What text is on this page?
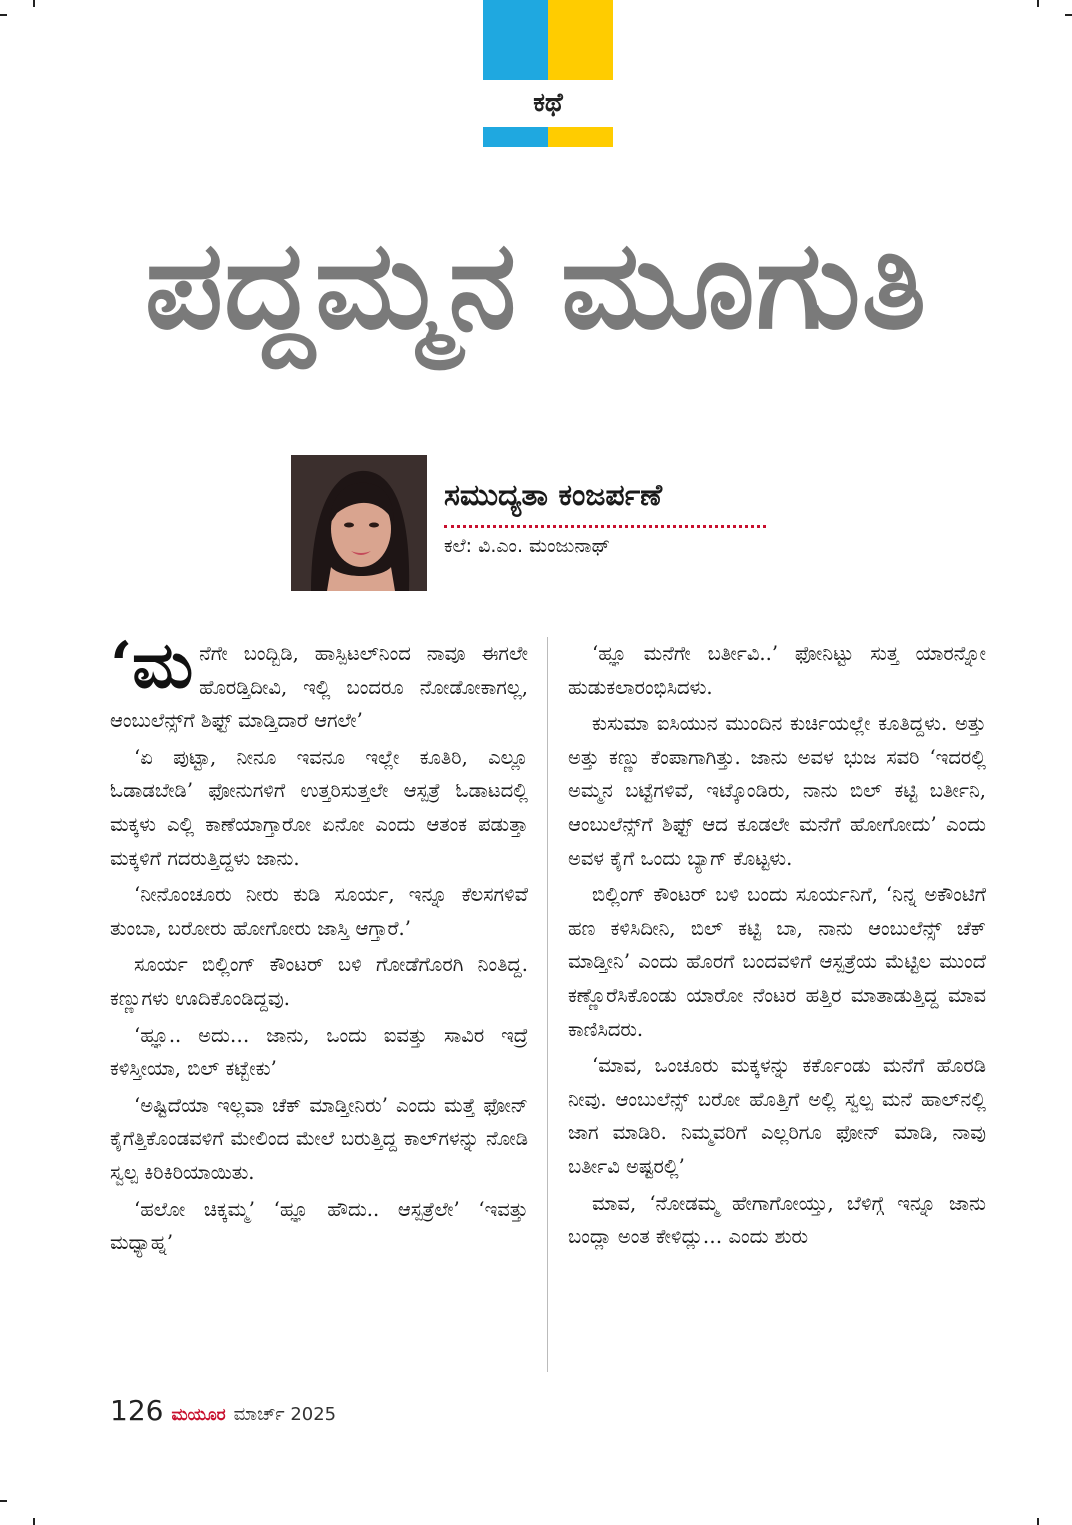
ಕಥೆ
ಪದ್ದಮ್ಮನ ಮೂಗುತಿ
ಸಮುದ್ಯತಾ ಕಂಜರ್ಪಣೆ
ಕಲೆ: ವಿ.ಎಂ. ಮಂಜುನಾಥ್

‘ಮನೆಗೇ ಬಂದ್ಬಿಡಿ, ಹಾಸ್ಪಿಟಲ್‌ನಿಂದ ನಾವೂ ಈಗಲೇ ಹೊರಡ್ತಿದೀವಿ, ಇಲ್ಲಿ ಬಂದರೂ ನೋಡೋಕಾಗಲ್ಲ, ಆಂಬುಲೆನ್ಸ್‌ಗೆ ಶಿಫ್ಟ್ ಮಾಡ್ತಿದಾರೆ ಆಗಲೇ’

‘ಏ ಪುಟ್ಟಾ, ನೀನೂ ಇವನೂ ಇಲ್ಲೇ ಕೂತಿರಿ, ಎಲ್ಲೂ ಓಡಾಡಬೇಡಿ’ ಫೋನುಗಳಿಗೆ ಉತ್ತರಿಸುತ್ತಲೇ ಆಸ್ಪತ್ರೆ ಓಡಾಟದಲ್ಲಿ ಮಕ್ಕಳು ಎಲ್ಲಿ ಕಾಣೆಯಾಗ್ತಾರೋ ಏನೋ ಎಂದು ಆತಂಕ ಪಡುತ್ತಾ ಮಕ್ಕಳಿಗೆ ಗದರುತ್ತಿದ್ದಳು ಜಾನು.

‘ನೀನೊಂಚೂರು ನೀರು ಕುಡಿ ಸೂರ್ಯ, ಇನ್ನೂ ಕೆಲಸಗಳಿವೆ ತುಂಬಾ, ಬರೋರು ಹೋಗೋರು ಜಾಸ್ತಿ ಆಗ್ತಾರೆ.’

ಸೂರ್ಯ ಬಿಲ್ಲಿಂಗ್ ಕೌಂಟರ್ ಬಳಿ ಗೋಡೆಗೊರಗಿ ನಿಂತಿದ್ದ. ಕಣ್ಣುಗಳು ಊದಿಕೊಂಡಿದ್ದವು.

‘ಹ್ಞೂ.. ಅದು… ಜಾನು, ಒಂದು ಐವತ್ತು ಸಾವಿರ ಇದ್ರೆ ಕಳಿಸ್ತೀಯಾ, ಬಿಲ್ ಕಟ್ಬೇಕು’

‘ಅಷ್ಟಿದೆಯಾ ಇಲ್ಲವಾ ಚೆಕ್ ಮಾಡ್ತೀನಿರು’ ಎಂದು ಮತ್ತೆ ಫೋನ್ ಕೈಗೆತ್ತಿಕೊಂಡವಳಿಗೆ ಮೇಲಿಂದ ಮೇಲೆ ಬರುತ್ತಿದ್ದ ಕಾಲ್‌ಗಳನ್ನು ನೋಡಿ ಸ್ವಲ್ಪ ಕಿರಿಕಿರಿಯಾಯಿತು.

‘ಹಲೋ ಚಿಕ್ಕಮ್ಮ’ ‘ಹ್ಞೂ ಹೌದು.. ಆಸ್ಪತ್ರೆಲೇ’ ‘ಇವತ್ತು ಮಧ್ಯಾಹ್ನ’

‘ಹ್ಞೂ ಮನೆಗೇ ಬರ್ತೀವಿ..’ ಫೋನಿಟ್ಟು ಸುತ್ತ ಯಾರನ್ನೋ ಹುಡುಕಲಾರಂಭಿಸಿದಳು.

ಕುಸುಮಾ ಐಸಿಯುನ ಮುಂದಿನ ಕುರ್ಚಿಯಲ್ಲೇ ಕೂತಿದ್ದಳು. ಅತ್ತು ಅತ್ತು ಕಣ್ಣು ಕೆಂಪಾಗಾಗಿತ್ತು. ಜಾನು ಅವಳ ಭುಜ ಸವರಿ ‘ಇದರಲ್ಲಿ ಅಮ್ಮನ ಬಟ್ಟೆಗಳಿವೆ, ಇಟ್ಕೊಂಡಿರು, ನಾನು ಬಿಲ್ ಕಟ್ಟಿ ಬರ್ತೀನಿ, ಆಂಬುಲೆನ್ಸ್‌ಗೆ ಶಿಫ್ಟ್ ಆದ ಕೂಡಲೇ ಮನೆಗೆ ಹೋಗೋದು’ ಎಂದು ಅವಳ ಕೈಗೆ ಒಂದು ಬ್ಯಾಗ್ ಕೊಟ್ಟಳು.

ಬಿಲ್ಲಿಂಗ್ ಕೌಂಟರ್ ಬಳಿ ಬಂದು ಸೂರ್ಯನಿಗೆ, ‘ನಿನ್ನ ಅಕೌಂಟಿಗೆ ಹಣ ಕಳಿಸಿದೀನಿ, ಬಿಲ್ ಕಟ್ಟಿ ಬಾ, ನಾನು ಆಂಬುಲೆನ್ಸ್ ಚೆಕ್ ಮಾಡ್ತೀನಿ’ ಎಂದು ಹೊರಗೆ ಬಂದವಳಿಗೆ ಆಸ್ಪತ್ರೆಯ ಮೆಟ್ಟಿಲ ಮುಂದೆ ಕಣ್ಣೊರೆಸಿಕೊಂಡು ಯಾರೋ ನೆಂಟರ ಹತ್ತಿರ ಮಾತಾಡುತ್ತಿದ್ದ ಮಾವ ಕಾಣಿಸಿದರು.

‘ಮಾವ, ಒಂಚೂರು ಮಕ್ಕಳನ್ನು ಕರ್ಕೊಂಡು ಮನೆಗೆ ಹೊರಡಿ ನೀವು. ಆಂಬುಲೆನ್ಸ್ ಬರೋ ಹೊತ್ತಿಗೆ ಅಲ್ಲಿ ಸ್ವಲ್ಪ ಮನೆ ಹಾಲ್‌ನಲ್ಲಿ ಜಾಗ ಮಾಡಿರಿ. ನಿಮ್ಮವರಿಗೆ ಎಲ್ಲರಿಗೂ ಫೋನ್ ಮಾಡಿ, ನಾವು ಬರ್ತೀವಿ ಅಷ್ಟರಲ್ಲಿ’

ಮಾವ, ‘ನೋಡಮ್ಮ ಹೇಗಾಗೋಯ್ತು, ಬೆಳಿಗ್ಗೆ ಇನ್ನೂ ಜಾನು ಬಂದ್ಲಾ ಅಂತ ಕೇಳಿದ್ಲು… ಎಂದು ಶುರು

126 ಮಯೂರ ಮಾರ್ಚ್ 2025
